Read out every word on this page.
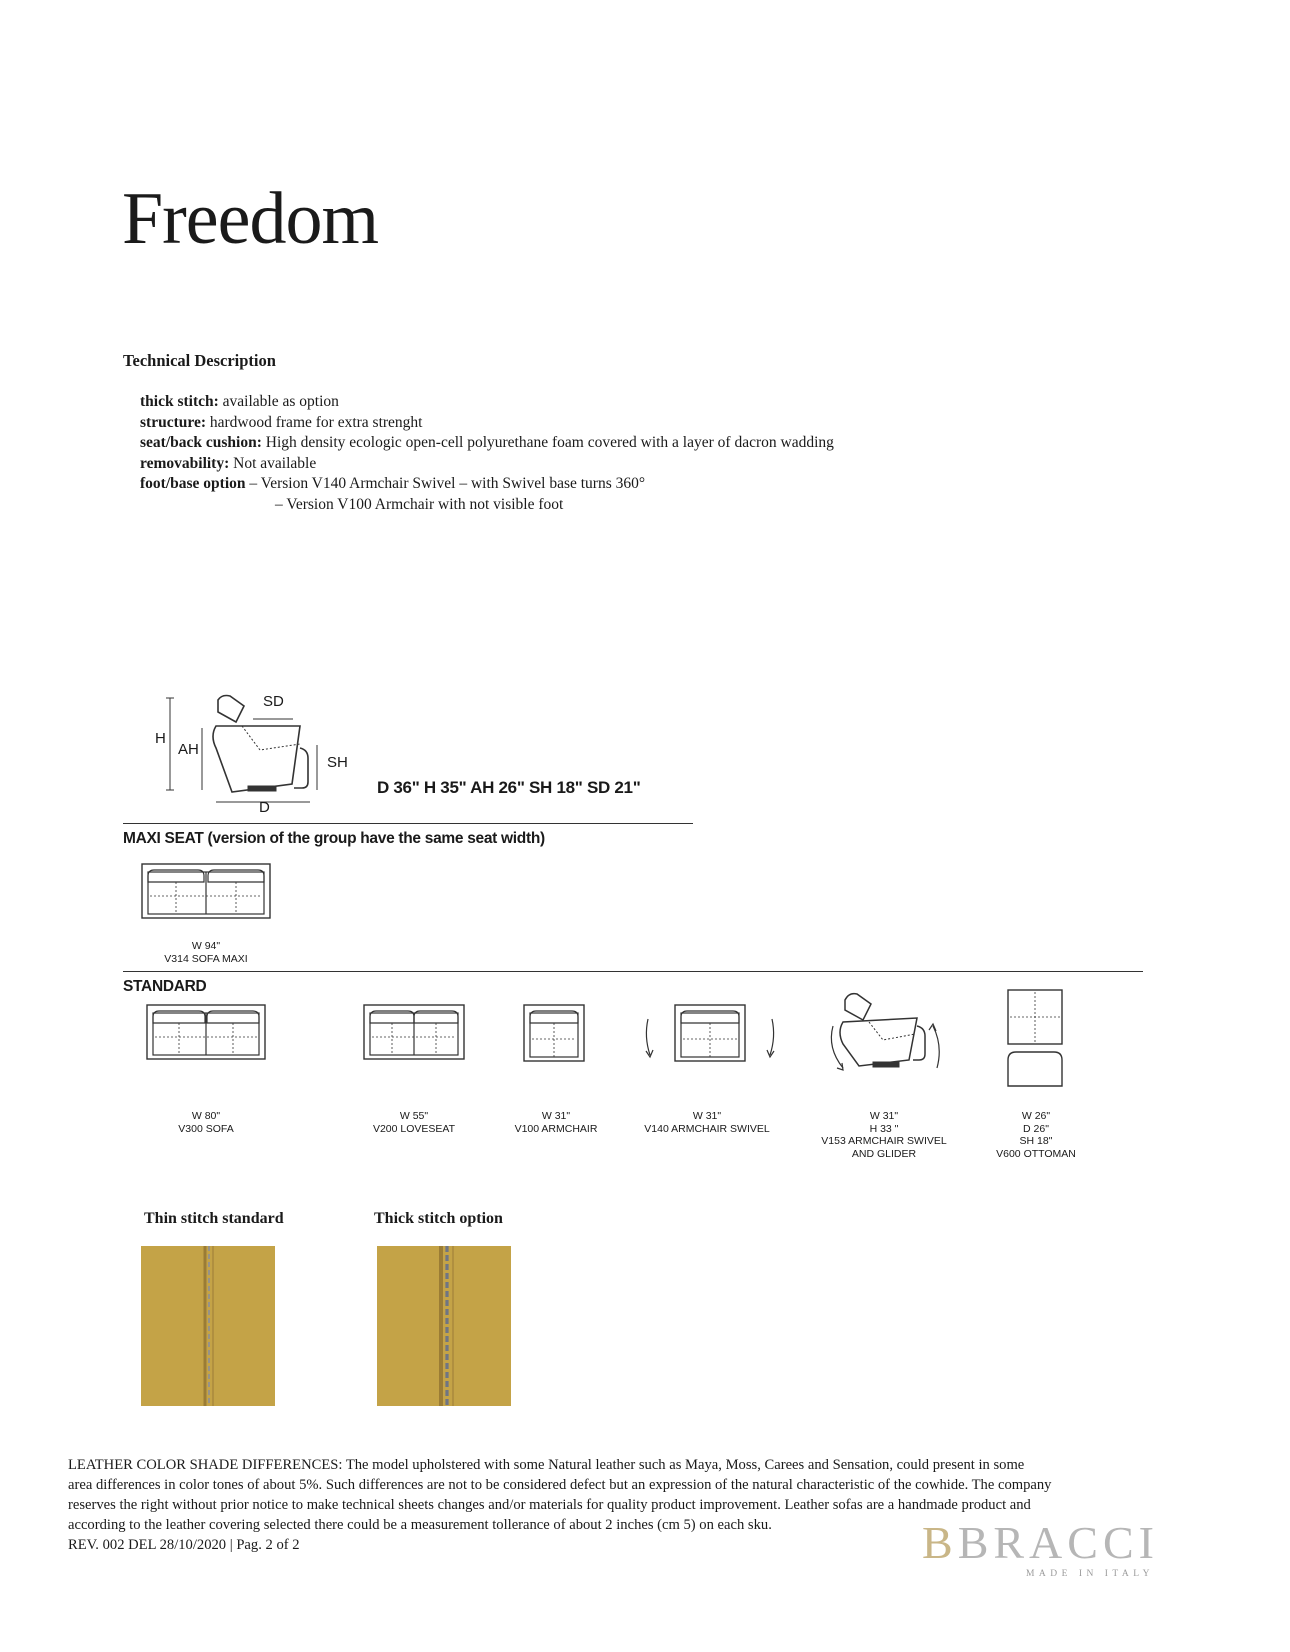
Freedom
Technical Description
thick stitch: available as option
structure: hardwood frame for extra strenght
seat/back cushion: High density ecologic open-cell polyurethane foam covered with a layer of dacron wadding
removability: Not available
foot/base option – Version V140 Armchair Swivel – with Swivel base turns 360°
– Version V100 Armchair with not visible foot
H
AH
SD
SH
D
D 36" H 35" AH 26" SH 18" SD 21"
MAXI SEAT (version of the group have the same seat width)
W 94"
V314 SOFA MAXI
STANDARD
W 80"
V300 SOFA
W 55"
V200 LOVESEAT
W 31"
V100 ARMCHAIR
W 31"
V140 ARMCHAIR SWIVEL
W 31"
H 33 "
V153 ARMCHAIR SWIVEL
AND GLIDER
W 26"
D 26"
SH 18"
V600 OTTOMAN
Thin stitch standard	Thick stitch option

LEATHER COLOR SHADE DIFFERENCES: The model upholstered with some Natural leather such as Maya, Moss, Carees and Sensation, could present in some

area differences in color tones of about 5%. Such differences are not to be considered defect but an expression of the natural characteristic of the cowhide. The company

reserves the right without prior notice to make technical sheets changes and/or materials for quality product improvement. Leather sofas are a handmade product and

according to the leather covering selected there could be a measurement tollerance of about 2 inches (cm 5) on each sku.

REV. 002 DEL 28/10/2020 | Pag. 2 of 2	BBRACCI
MADE IN ITALY
